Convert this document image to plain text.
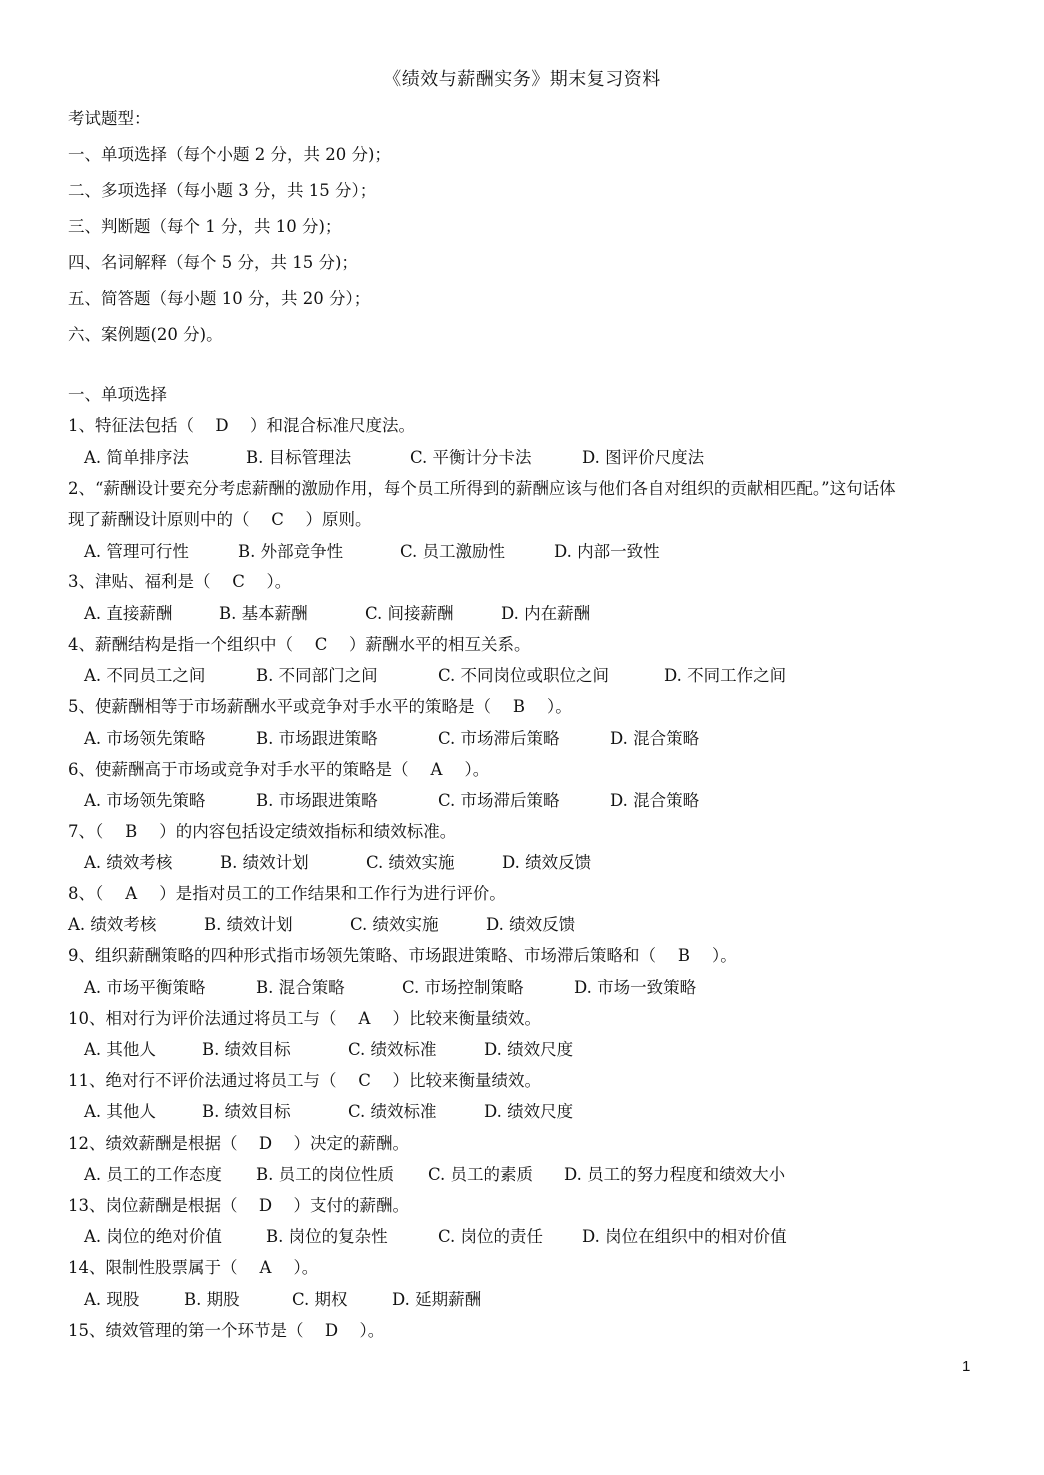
《绩效与薪酬实务》期末复习资料
考试题型：
一、单项选择（每个小题 2 分，共 20 分)；
二、多项选择（每小题 3 分，共 15 分）；
三、判断题（每个 1 分，共 10 分)；
四、名词解释（每个 5 分，共 15 分)；
五、简答题（每小题 10 分，共 20 分）；
六、案例题(20 分)。
一、单项选择
1、特征法包括（ D ）和混合标准尺度法。
A. 简单排序法	B. 目标管理法	C. 平衡计分卡法	D. 图评价尺度法
2、“薪酬设计要充分考虑薪酬的激励作用，每个员工所得到的薪酬应该与他们各自对组织的贡献相匹配。”这句话体
现了薪酬设计原则中的（ C ）原则。
A. 管理可行性	B. 外部竞争性	C. 员工激励性	D. 内部一致性
3、津贴、福利是（ C ）。
A. 直接薪酬	B. 基本薪酬	C. 间接薪酬	D. 内在薪酬
4、薪酬结构是指一个组织中（ C ）薪酬水平的相互关系。
A. 不同员工之间	B. 不同部门之间	C. 不同岗位或职位之间	D. 不同工作之间
5、使薪酬相等于市场薪酬水平或竞争对手水平的策略是（ B ）。
A. 市场领先策略	B. 市场跟进策略	C. 市场滞后策略	D. 混合策略
6、使薪酬高于市场或竞争对手水平的策略是（ A ）。
A. 市场领先策略	B. 市场跟进策略	C. 市场滞后策略	D. 混合策略
7、（ B ）的内容包括设定绩效指标和绩效标准。
A. 绩效考核	B. 绩效计划	C. 绩效实施	D. 绩效反馈
8、（ A ）是指对员工的工作结果和工作行为进行评价。
A. 绩效考核	B. 绩效计划	C. 绩效实施	D. 绩效反馈
9、组织薪酬策略的四种形式指市场领先策略、市场跟进策略、市场滞后策略和（ B ）。
A. 市场平衡策略	B. 混合策略	C. 市场控制策略	D. 市场一致策略
10、相对行为评价法通过将员工与（ A ）比较来衡量绩效。
A. 其他人	B. 绩效目标	C. 绩效标准	D. 绩效尺度
11、绝对行不评价法通过将员工与（ C ）比较来衡量绩效。
A. 其他人	B. 绩效目标	C. 绩效标准	D. 绩效尺度
12、绩效薪酬是根据（ D ）决定的薪酬。
A. 员工的工作态度 B. 员工的岗位性质 C. 员工的素质 D. 员工的努力程度和绩效大小
13、岗位薪酬是根据（ D ）支付的薪酬。
A. 岗位的绝对价值	B. 岗位的复杂性	C. 岗位的责任 D. 岗位在组织中的相对价值
14、限制性股票属于（ A ）。
A. 现股	B. 期股	C. 期权	D. 延期薪酬
15、绩效管理的第一个环节是（ D ）。
1
